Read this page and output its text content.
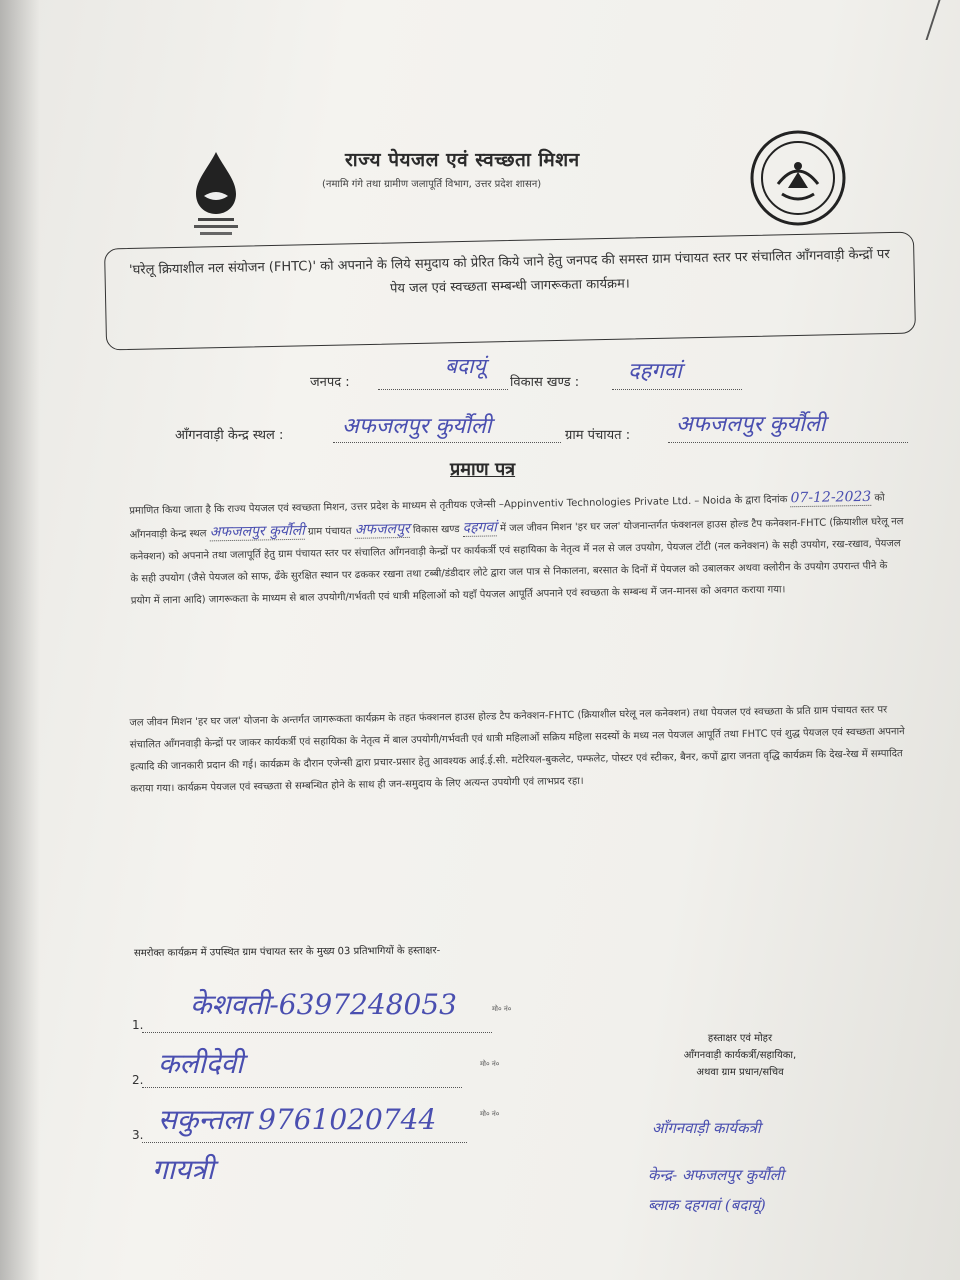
राज्य पेयजल एवं स्वच्छता मिशन
(नमामि गंगे तथा ग्रामीण जलापूर्ति विभाग, उत्तर प्रदेश शासन)
'घरेलू क्रियाशील नल संयोजन (FHTC)' को अपनाने के लिये समुदाय को प्रेरित किये जाने हेतु जनपद की समस्त ग्राम पंचायत स्तर पर संचालित आँगनवाड़ी केन्द्रों पर पेय जल एवं स्वच्छता सम्बन्धी जागरूकता कार्यक्रम।
जनपद :
बदायूं
विकास खण्ड : दहगवां
आँगनवाड़ी केन्द्र स्थल :	अफजलपुर कुर्यौली	ग्राम पंचायत : अफजलपुर कुर्यौली
प्रमाण पत्र
प्रमाणित किया जाता है कि राज्य पेयजल एवं स्वच्छता मिशन, उत्तर प्रदेश के माध्यम से तृतीयक एजेन्सी –Appinventiv Technologies Private Ltd. – Noida के द्वारा दिनांक 07-12-2023 को आँगनवाड़ी केन्द्र स्थल अफजलपुर कुर्यौली ग्राम पंचायत अफजलपुर विकास खण्ड दहगवां में जल जीवन मिशन 'हर घर जल' योजनान्तर्गत फंक्शनल हाउस होल्ड टैप कनेक्शन-FHTC (क्रियाशील घरेलू नल कनेक्शन) को अपनाने तथा जलापूर्ति हेतु ग्राम पंचायत स्तर पर संचालित आँगनवाड़ी केन्द्रों पर कार्यकर्त्री एवं सहायिका के नेतृत्व में नल से जल उपयोग, पेयजल टोंटी (नल कनेक्शन) के सही उपयोग, रख-रखाव, पेयजल के सही उपयोग (जैसे पेयजल को साफ, ढँके सुरक्षित स्थान पर ढककर रखना तथा टब्बी/डंडीदार लोटे द्वारा जल पात्र से निकालना, बरसात के दिनों में पेयजल को उबालकर अथवा क्लोरीन के उपयोग उपरान्त पीने के प्रयोग में लाना आदि) जागरूकता के माध्यम से बाल उपयोगी/गर्भवती एवं धात्री महिलाओं को यहाँ पेयजल आपूर्ति अपनाने एवं स्वच्छता के सम्बन्ध में जन-मानस को अवगत कराया गया।
जल जीवन मिशन 'हर घर जल' योजना के अन्तर्गत जागरूकता कार्यक्रम के तहत फंक्शनल हाउस होल्ड टैप कनेक्शन-FHTC (क्रियाशील घरेलू नल कनेक्शन) तथा पेयजल एवं स्वच्छता के प्रति ग्राम पंचायत स्तर पर संचालित आँगनवाड़ी केन्द्रों पर जाकर कार्यकर्त्री एवं सहायिका के नेतृत्व में बाल उपयोगी/गर्भवती एवं धात्री महिलाओं सक्रिय महिला सदस्यों के मध्य नल पेयजल आपूर्ति तथा FHTC एवं शुद्ध पेयजल एवं स्वच्छता अपनाने इत्यादि की जानकारी प्रदान की गई। कार्यक्रम के दौरान एजेन्सी द्वारा प्रचार-प्रसार हेतु आवश्यक आई.ई.सी. मटेरियल-बुकलेट, पम्फलेट, पोस्टर एवं स्टीकर, बैनर, कपों द्वारा जनता वृद्धि कार्यक्रम कि देख-रेख में सम्पादित कराया गया। कार्यक्रम पेयजल एवं स्वच्छता से सम्बन्धित होने के साथ ही जन-समुदाय के लिए अत्यन्त उपयोगी एवं लाभप्रद रहा।
समरोक्त कार्यक्रम में उपस्थित ग्राम पंचायत स्तर के मुख्य 03 प्रतिभागियों के हस्ताक्षर-
1.
केशवती-6397248053	मो० नं०
2. कलीदेवी	मो० नं०
3. सकुन्तला 9761020744	मो० नं०
गायत्री
हस्ताक्षर एवं मोहर
आँगनवाड़ी कार्यकर्त्री/सहायिका,
अथवा ग्राम प्रधान/सचिव
आँगनवाड़ी कार्यकत्री
केन्द्र- अफजलपुर कुर्यौली
ब्लाक दहगवां (बदायूं)
